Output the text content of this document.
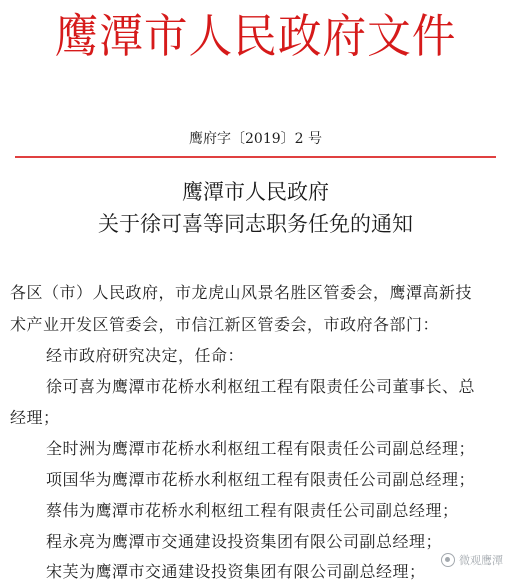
鹰潭市人民政府文件
鹰府字〔2019〕2 号
鹰潭市人民政府
关于徐可喜等同志职务任免的通知
各区（市）人民政府，市龙虎山风景名胜区管委会，鹰潭高新技
术产业开发区管委会，市信江新区管委会，市政府各部门：
经市政府研究决定，任命：
徐可喜为鹰潭市花桥水利枢纽工程有限责任公司董事长、总
经理；
全时洲为鹰潭市花桥水利枢纽工程有限责任公司副总经理；
项国华为鹰潭市花桥水利枢纽工程有限责任公司副总经理；
蔡伟为鹰潭市花桥水利枢纽工程有限责任公司副总经理；
程永亮为鹰潭市交通建设投资集团有限公司副总经理；
宋芙为鹰潭市交通建设投资集团有限公司副总经理；
微观鹰潭
